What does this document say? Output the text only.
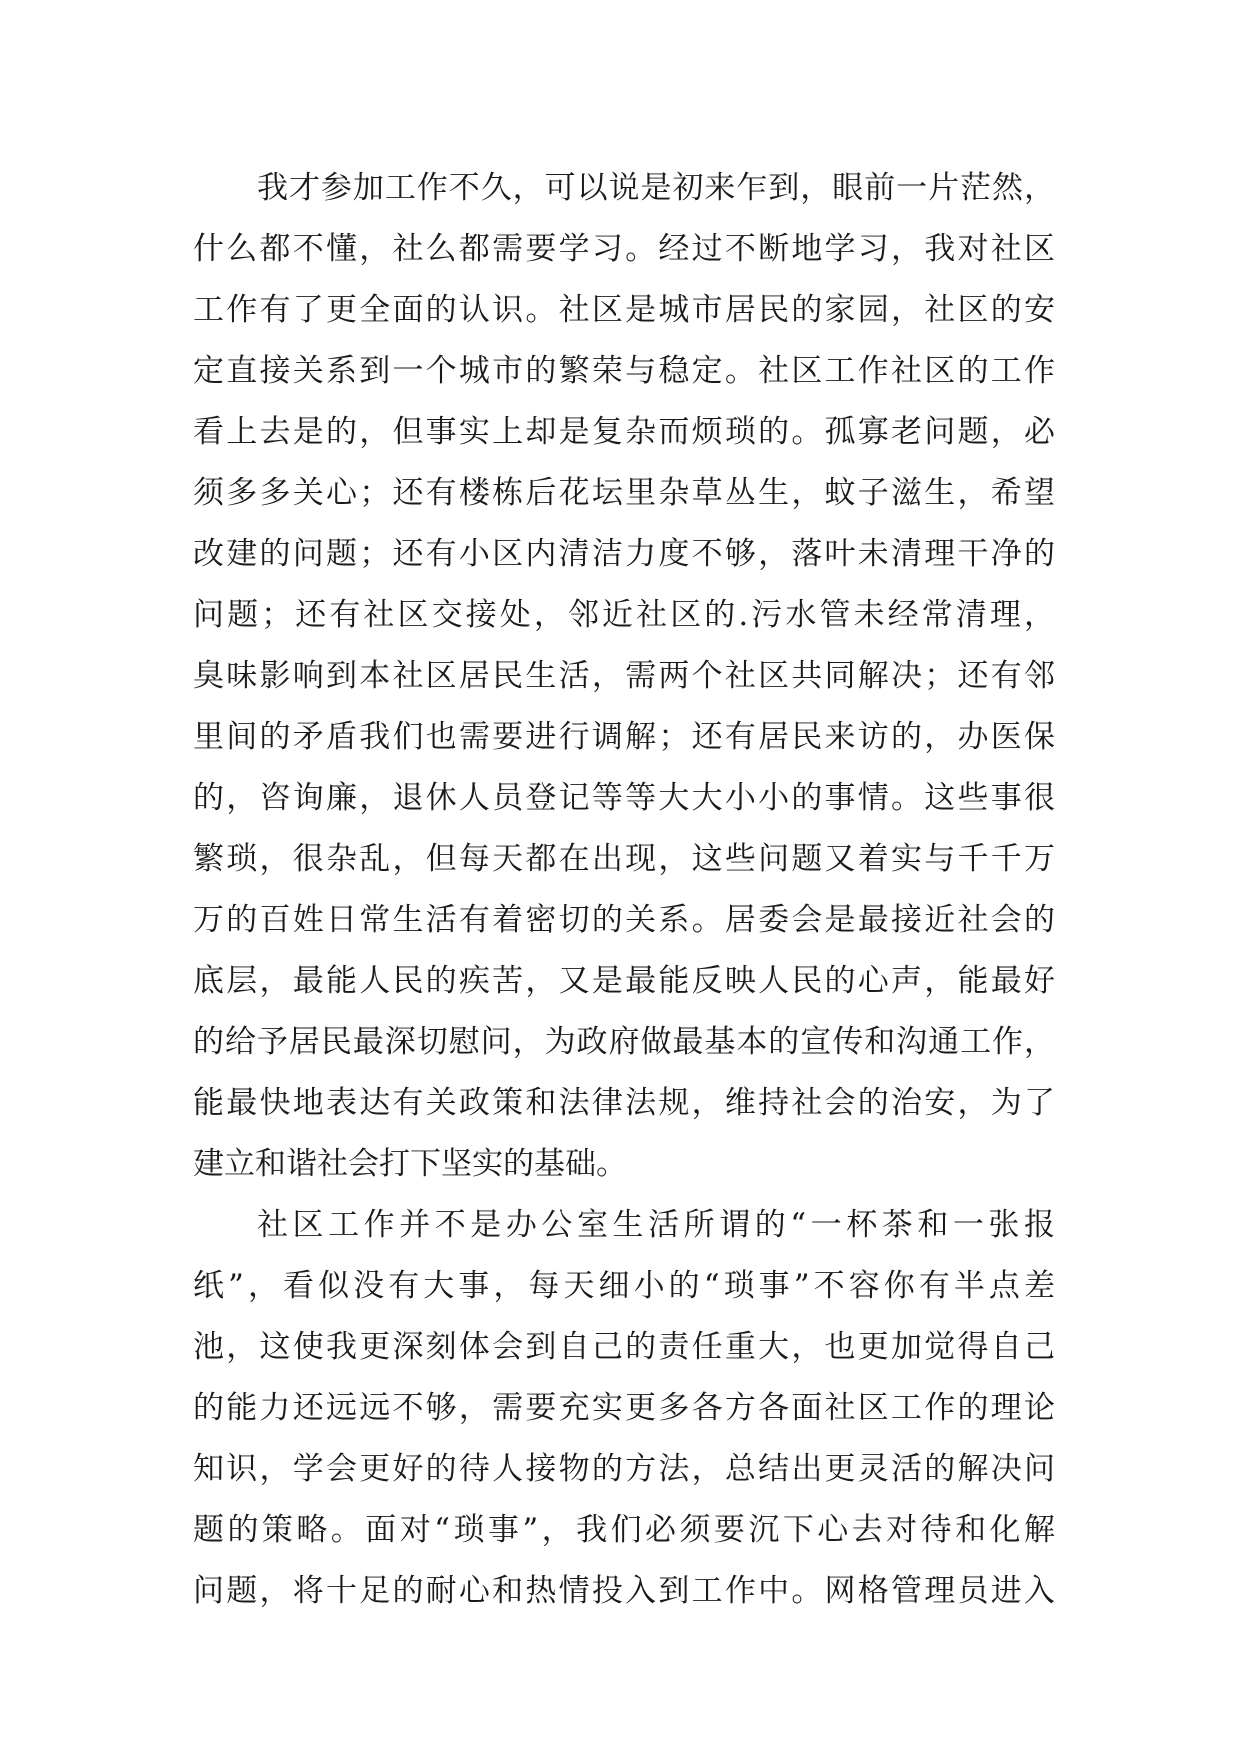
我才参加工作不久，可以说是初来乍到，眼前一片茫然，
什么都不懂，社么都需要学习。经过不断地学习，我对社区
工作有了更全面的认识。社区是城市居民的家园，社区的安
定直接关系到一个城市的繁荣与稳定。社区工作社区的工作
看上去是的，但事实上却是复杂而烦琐的。孤寡老问题，必
须多多关心；还有楼栋后花坛里杂草丛生，蚊子滋生，希望
改建的问题；还有小区内清洁力度不够，落叶未清理干净的
问题；还有社区交接处，邻近社区的.污水管未经常清理，
臭味影响到本社区居民生活，需两个社区共同解决；还有邻
里间的矛盾我们也需要进行调解；还有居民来访的，办医保
的，咨询廉，退休人员登记等等大大小小的事情。这些事很
繁琐，很杂乱，但每天都在出现，这些问题又着实与千千万
万的百姓日常生活有着密切的关系。居委会是最接近社会的
底层，最能人民的疾苦，又是最能反映人民的心声，能最好
的给予居民最深切慰问，为政府做最基本的宣传和沟通工作，
能最快地表达有关政策和法律法规，维持社会的治安，为了
建立和谐社会打下坚实的基础。
社区工作并不是办公室生活所谓的“一杯茶和一张报
纸”，看似没有大事，每天细小的“琐事”不容你有半点差
池，这使我更深刻体会到自己的责任重大，也更加觉得自己
的能力还远远不够，需要充实更多各方各面社区工作的理论
知识，学会更好的待人接物的方法，总结出更灵活的解决问
题的策略。面对“琐事”，我们必须要沉下心去对待和化解
问题，将十足的耐心和热情投入到工作中。网格管理员进入
